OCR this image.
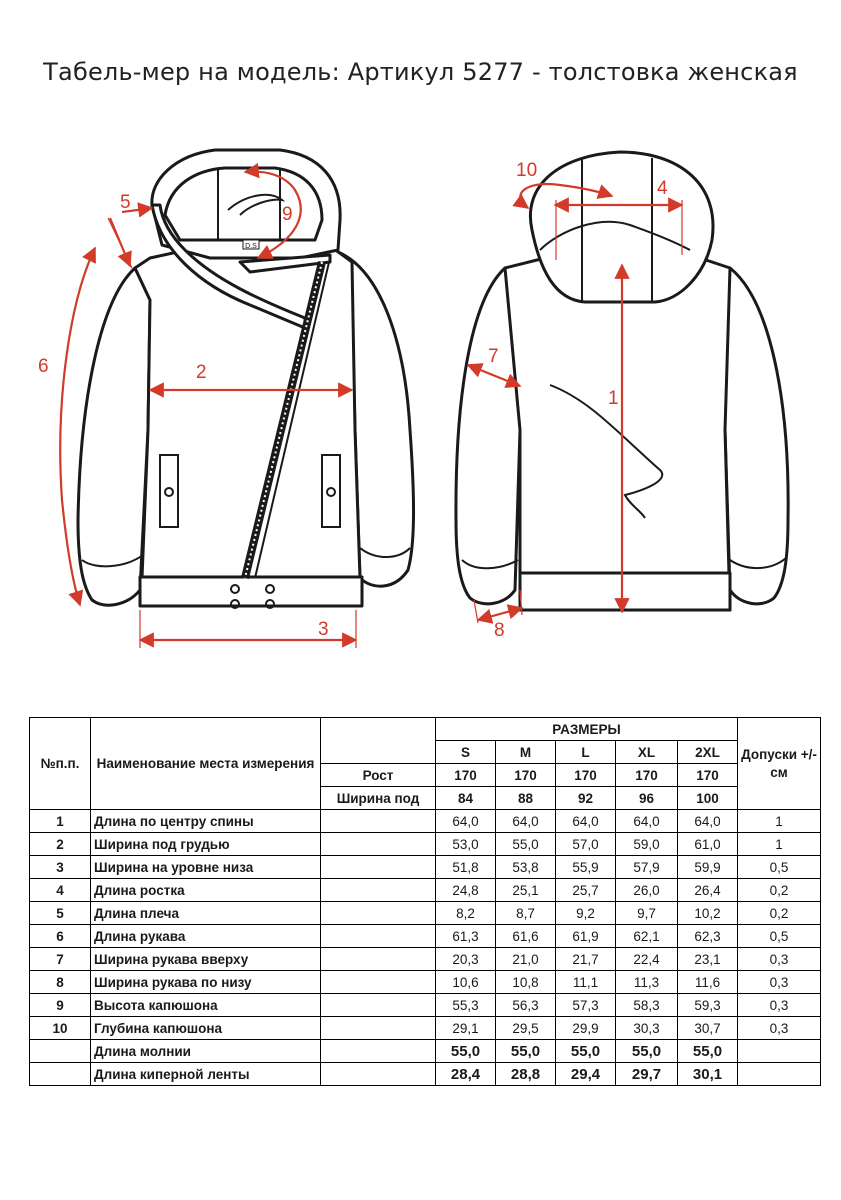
Табель-мер на модель: Артикул 5277 - толстовка женская
D.S
2
3
5
6
9
1
4
7
8
10
№п.п.	Наименование места измерения		РАЗМЕРЫ					Допуски +/- см
			S	M	L	XL	2XL	
		Рост	170	170	170	170	170	
		Ширина под	84	88	92	96	100	
1	Длина по центру спины		64,0	64,0	64,0	64,0	64,0	1
2	Ширина под грудью		53,0	55,0	57,0	59,0	61,0	1
3	Ширина на уровне низа		51,8	53,8	55,9	57,9	59,9	0,5
4	Длина ростка		24,8	25,1	25,7	26,0	26,4	0,2
5	Длина плеча		8,2	8,7	9,2	9,7	10,2	0,2
6	Длина рукава		61,3	61,6	61,9	62,1	62,3	0,5
7	Ширина рукава вверху		20,3	21,0	21,7	22,4	23,1	0,3
8	Ширина рукава по низу		10,6	10,8	11,1	11,3	11,6	0,3
9	Высота капюшона		55,3	56,3	57,3	58,3	59,3	0,3
10	Глубина капюшона		29,1	29,5	29,9	30,3	30,7	0,3
	Длина молнии		55,0	55,0	55,0	55,0	55,0	
	Длина киперной ленты		28,4	28,8	29,4	29,7	30,1	
